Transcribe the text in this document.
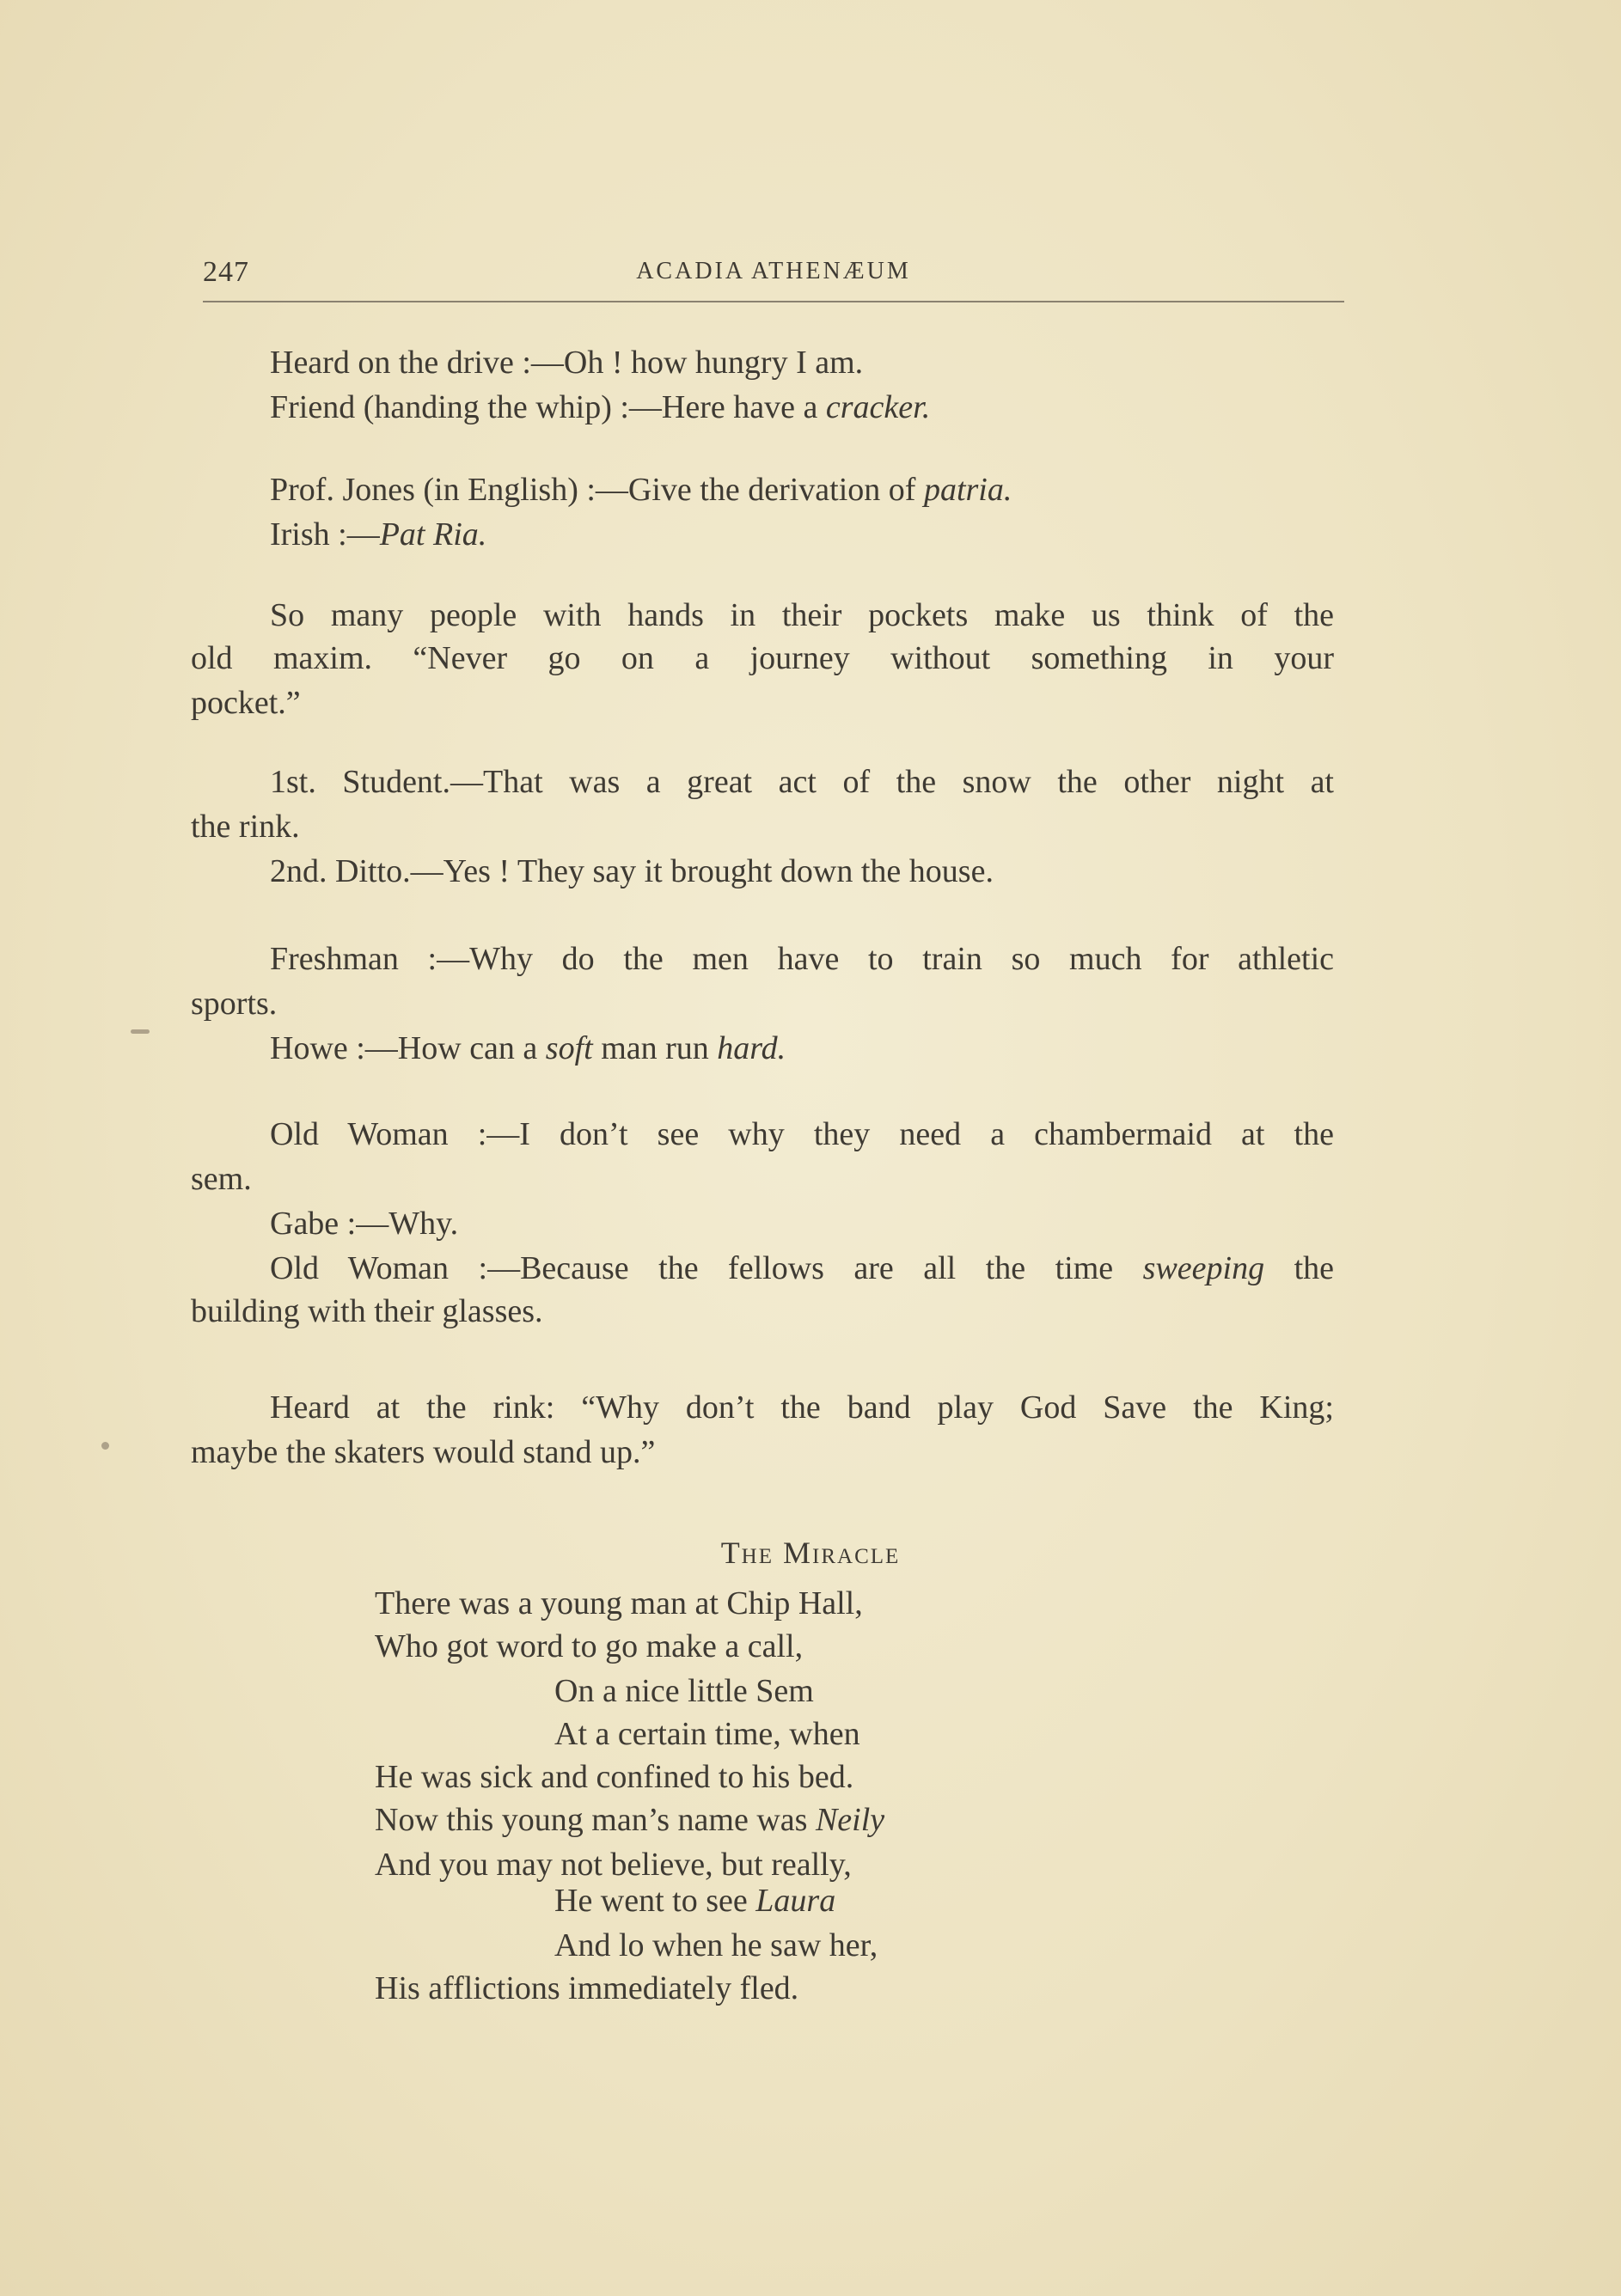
247	ACADIA ATHENÆUM
Heard on the drive :—Oh ! how hungry I am.
Friend (handing the whip) :—Here have a cracker.
Prof. Jones (in English) :—Give the derivation of patria.
Irish :—Pat Ria.
So many people with hands in their pockets make us think of the
old maxim. “Never go on a journey without something in your
pocket.”
1st. Student.—That was a great act of the snow the other night at
the rink.
2nd. Ditto.—Yes ! They say it brought down the house.
Freshman :—Why do the men have to train so much for athletic
sports.
Howe :—How can a soft man run hard.
Old Woman :—I don’t see why they need a chambermaid at the
sem.
Gabe :—Why.
Old Woman :—Because the fellows are all the time sweeping the
building with their glasses.
Heard at the rink: “Why don’t the band play God Save the King;
maybe the skaters would stand up.”
The Miracle
There was a young man at Chip Hall,
Who got word to go make a call,
On a nice little Sem
At a certain time, when
He was sick and confined to his bed.
Now this young man’s name was Neily
And you may not believe, but really,
He went to see Laura
And lo when he saw her,
His afflictions immediately fled.
